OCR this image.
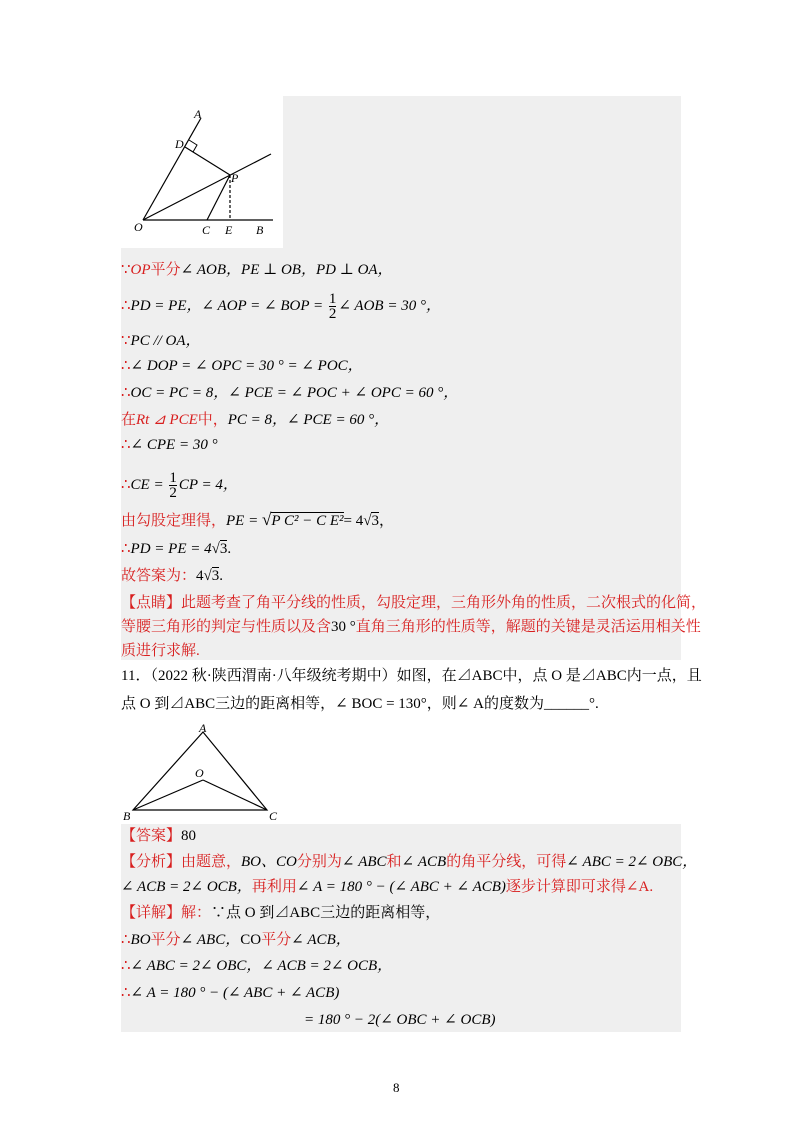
A
D
P
O	C E B
∵OP平分∠ AOB，PE ⊥ OB，PD ⊥ OA，
∴PD = PE，∠ AOP = ∠ BOP = $\frac{1}{2}$ ∠ AOB = 30 °，
∵PC // OA，
∴∠ DOP = ∠ OPC = 30 ° = ∠ POC，
∴OC = PC = 8，∠ PCE = ∠ POC + ∠ OPC = 60 °，
在Rt ⊿ PCE中，PC = 8，∠ PCE = 60 °，
∴∠ CPE = 30 °
∴CE = $\frac{1}{2}$ CP = 4，
由勾股定理得，PE = √P C² − C E²= 4√3，
∴PD = PE = 4√3.
故答案为：4√3.
【点睛】此题考查了角平分线的性质，勾股定理，三角形外角的性质，二次根式的化简，
等腰三角形的判定与性质以及含30 °直角三角形的性质等，解题的关键是灵活运用相关性
质进行求解.
11．（2022 秋·陕西渭南·八年级统考期中）如图，在⊿ABC中，点 O 是⊿ABC内一点，且
点 O 到⊿ABC三边的距离相等，∠ BOC = 130°，则∠ A的度数为______°.
A
O
B	C
【答案】80
【分析】由题意，BO、CO分别为∠ ABC和∠ ACB的角平分线，可得∠ ABC = 2∠ OBC，
∠ ACB = 2∠ OCB，再利用∠ A = 180 ° − (∠ ABC + ∠ ACB)逐步计算即可求得∠A.
【详解】解：∵点 O 到⊿ABC三边的距离相等，
∴BO平分∠ ABC，CO平分∠ ACB，
∴∠ ABC = 2∠ OBC，∠ ACB = 2∠ OCB，
∴∠ A = 180 ° − (∠ ABC + ∠ ACB)
= 180 ° − 2(∠ OBC + ∠ OCB)
8
